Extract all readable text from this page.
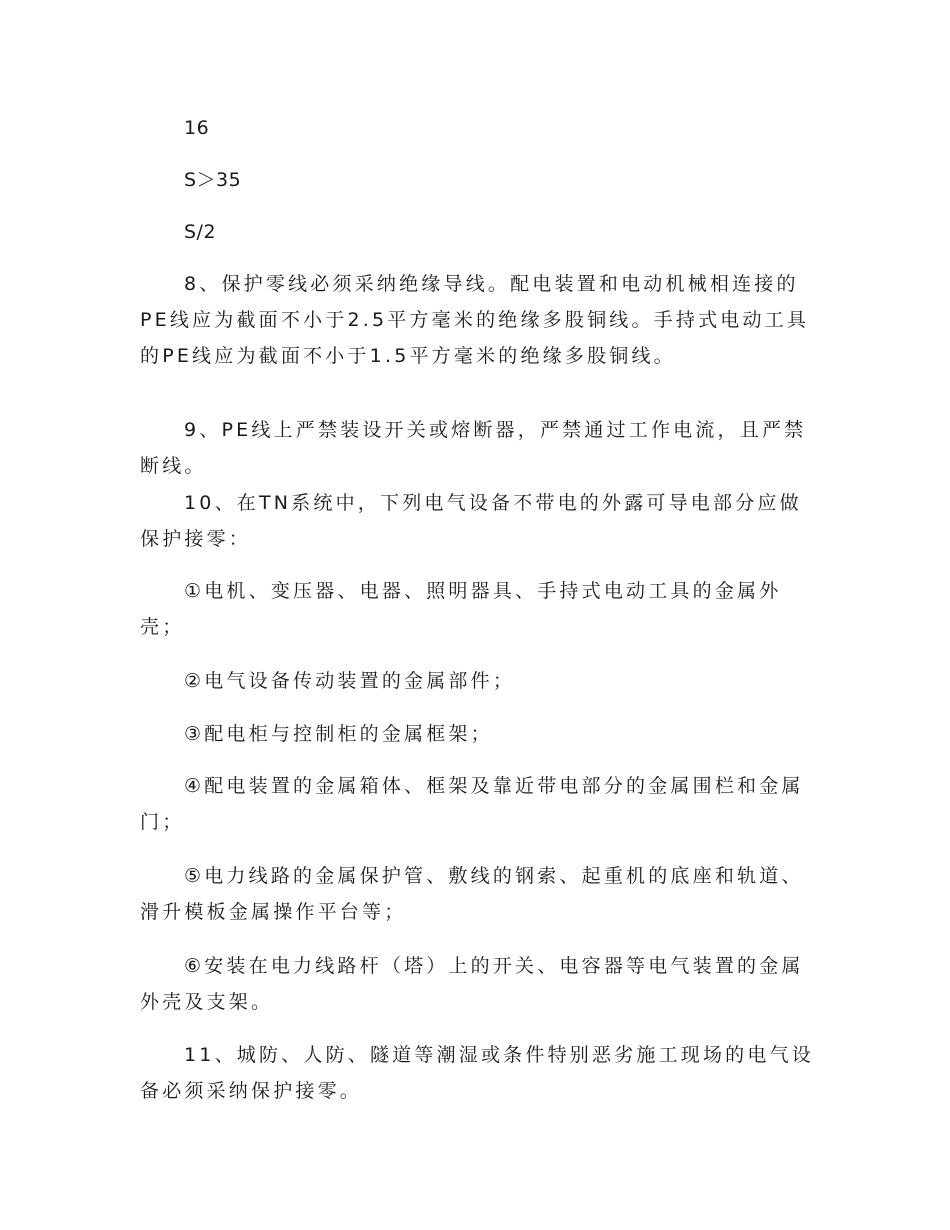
16

S＞35

S/2

8、保护零线必须采纳绝缘导线。配电装置和电动机械相连接的PE线应为截面不小于2.5平方毫米的绝缘多股铜线。手持式电动工具的PE线应为截面不小于1.5平方毫米的绝缘多股铜线。

9、PE线上严禁装设开关或熔断器，严禁通过工作电流，且严禁断线。

10、在TN系统中，下列电气设备不带电的外露可导电部分应做保护接零：

①电机、变压器、电器、照明器具、手持式电动工具的金属外壳；

②电气设备传动装置的金属部件；

③配电柜与控制柜的金属框架；

④配电装置的金属箱体、框架及靠近带电部分的金属围栏和金属门；

⑤电力线路的金属保护管、敷线的钢索、起重机的底座和轨道、滑升模板金属操作平台等；

⑥安装在电力线路杆（塔）上的开关、电容器等电气装置的金属外壳及支架。

11、城防、人防、隧道等潮湿或条件特别恶劣施工现场的电气设备必须采纳保护接零。
